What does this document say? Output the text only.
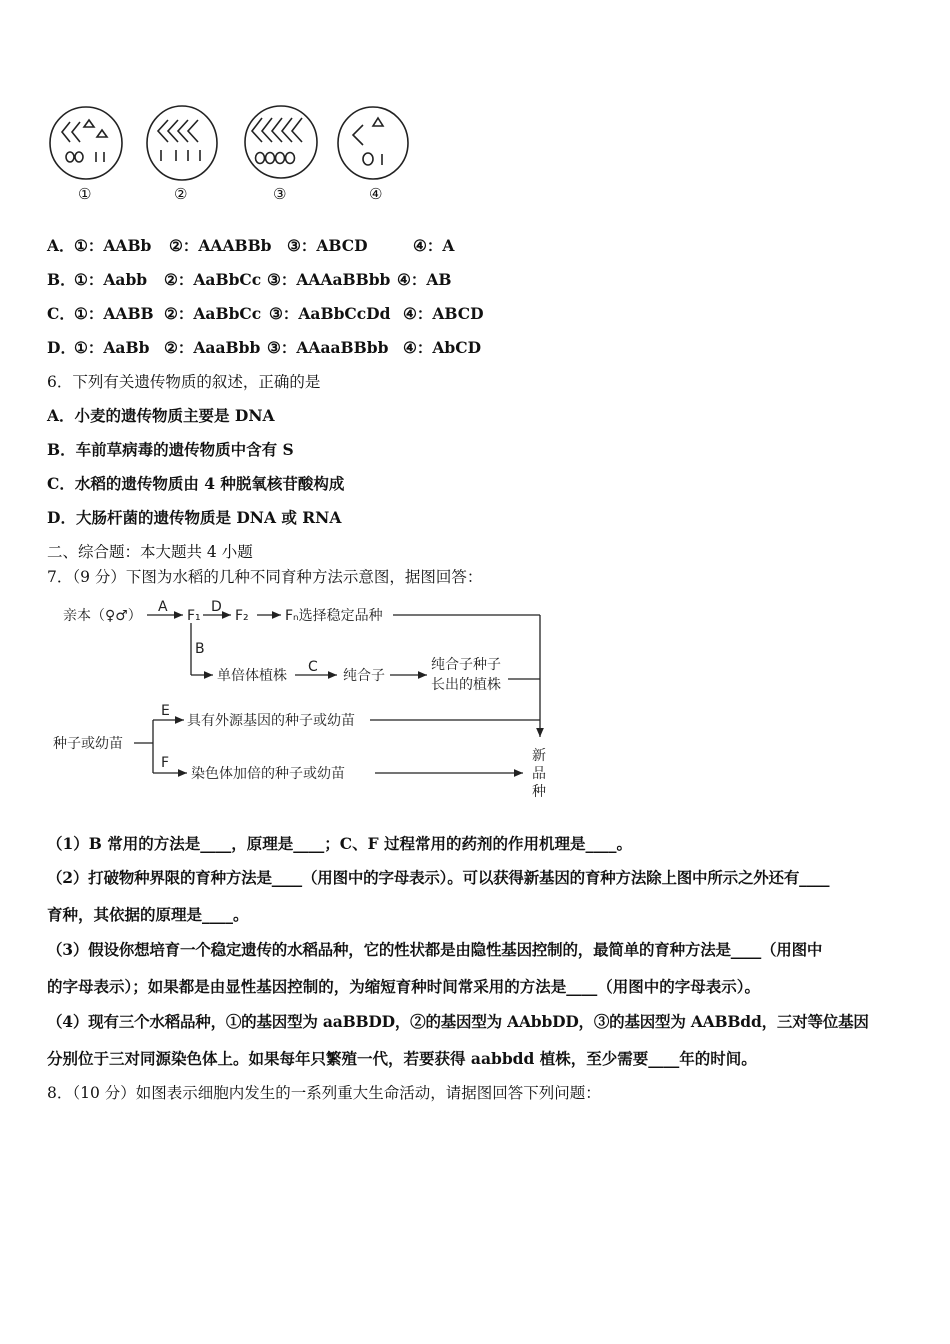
①	②	③	④
A． ①：AABb ②：AAABBb ③：ABCD	④：A
B．
①：Aabb ②：AaBbCc ③：AAAaBBbb ④：AB
C． ①：AABB ②：AaBbCc ③：AaBbCcDd ④：ABCD
D．
①：AaBb ②：AaaBbb ③：AAaaBBbb ④：AbCD
6．下列有关遗传物质的叙述，正确的是
A．小麦的遗传物质主要是 DNA
B．车前草病毒的遗传物质中含有 S
C．水稻的遗传物质由 4 种脱氧核苷酸构成
D．大肠杆菌的遗传物质是 DNA 或 RNA
二、综合题：本大题共 4 小题
7．（9 分）下图为水稻的几种不同育种方法示意图，据图回答：
亲本（♀♂）
A
F₁
D
F₂	Fₙ选择稳定品种
B
单倍体植株
C
纯合子
纯合子种子
长出的植株
E
具有外源基因的种子或幼苗
种子或幼苗
F
染色体加倍的种子或幼苗
新
品
种
（1）B 常用的方法是____，原理是____；C、F 过程常用的药剂的作用机理是____。
（2）打破物种界限的育种方法是____（用图中的字母表示）。可以获得新基因的育种方法除上图中所示之外还有____
育种，其依据的原理是____。
（3）假设你想培育一个稳定遗传的水稻品种，它的性状都是由隐性基因控制的，最简单的育种方法是____（用图中
的字母表示）；如果都是由显性基因控制的，为缩短育种时间常采用的方法是____（用图中的字母表示）。
（4）现有三个水稻品种，①的基因型为 aaBBDD，②的基因型为 AAbbDD，③的基因型为 AABBdd，三对等位基因
分别位于三对同源染色体上。如果每年只繁殖一代，若要获得 aabbdd 植株，至少需要____年的时间。
8．（10 分）如图表示细胞内发生的一系列重大生命活动，请据图回答下列问题：
